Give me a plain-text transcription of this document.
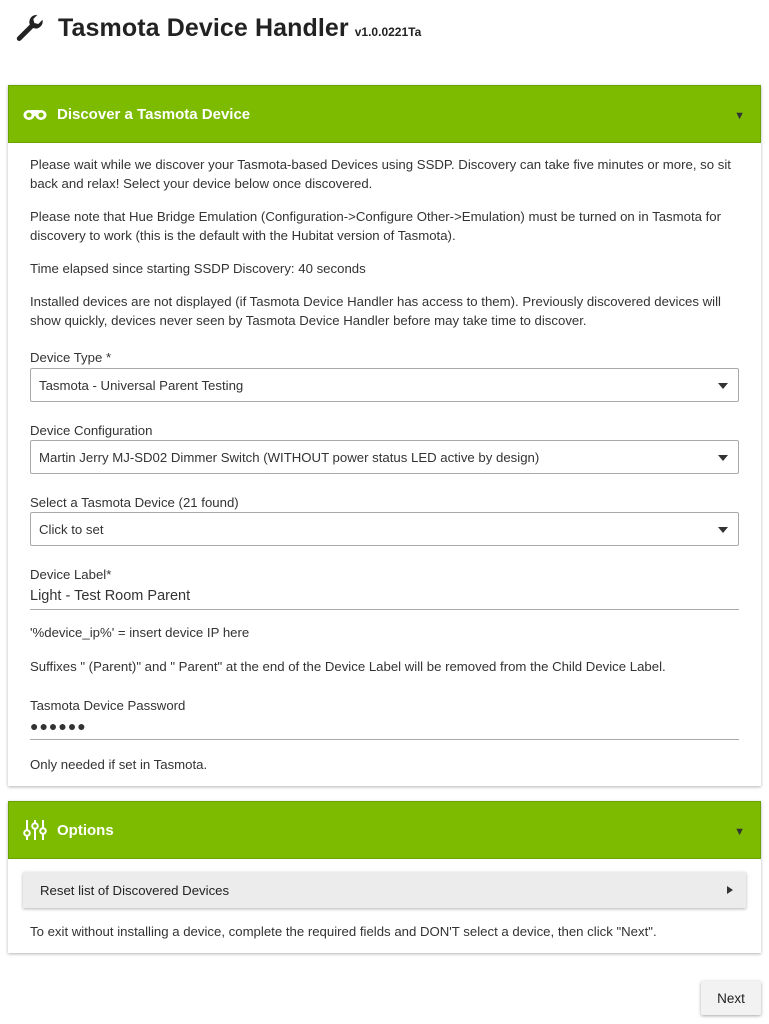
Tasmota Device Handler v1.0.0221Ta
Discover a Tasmota Device	▼
Please wait while we discover your Tasmota-based Devices using SSDP. Discovery can take five minutes or more, so sit back and relax! Select your device below once discovered.
Please note that Hue Bridge Emulation (Configuration->Configure Other->Emulation) must be turned on in Tasmota for discovery to work (this is the default with the Hubitat version of Tasmota).
Time elapsed since starting SSDP Discovery: 40 seconds
Installed devices are not displayed (if Tasmota Device Handler has access to them). Previously discovered devices will show quickly, devices never seen by Tasmota Device Handler before may take time to discover.
Device Type *
Tasmota - Universal Parent Testing
Device Configuration
Martin Jerry MJ-SD02 Dimmer Switch (WITHOUT power status LED active by design)
Select a Tasmota Device (21 found)
Click to set
Device Label*
Light - Test Room Parent
'%device_ip%' = insert device IP here
Suffixes " (Parent)" and " Parent" at the end of the Device Label will be removed from the Child Device Label.
Tasmota Device Password
●●●●●●
Only needed if set in Tasmota.
Options	▼
Reset list of Discovered Devices
To exit without installing a device, complete the required fields and DON'T select a device, then click "Next".
Next
